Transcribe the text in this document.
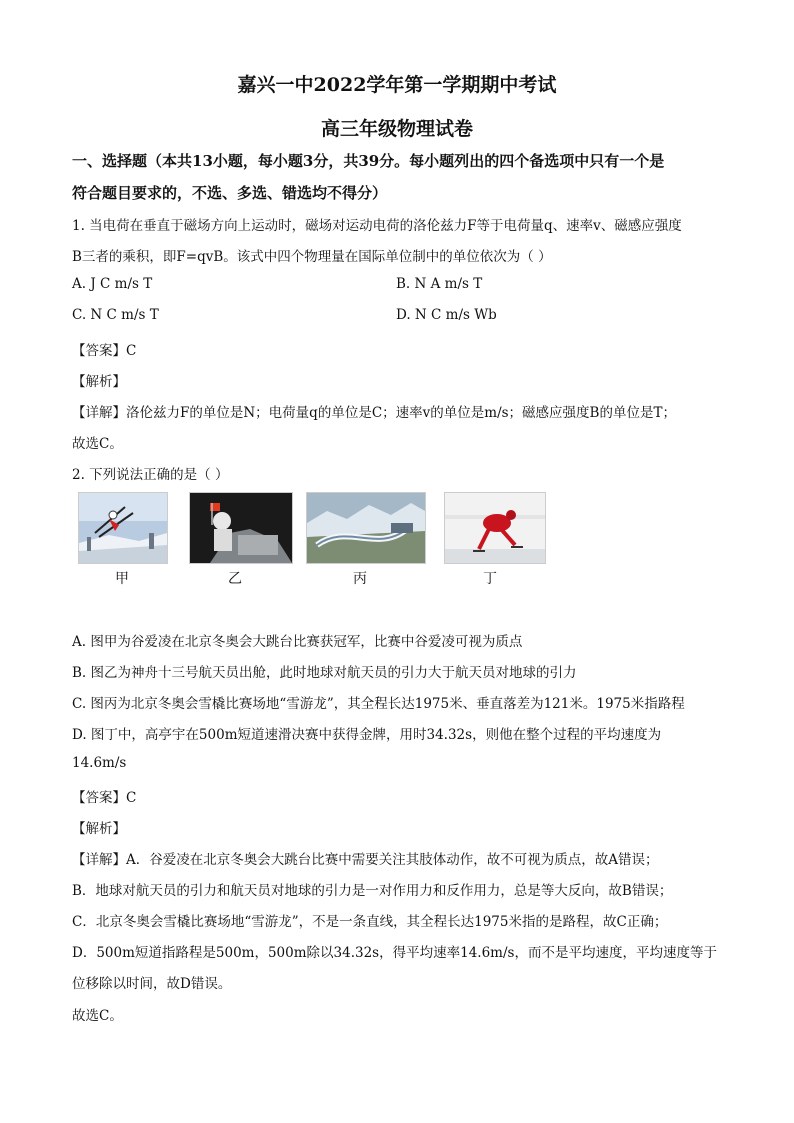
嘉兴一中2022学年第一学期期中考试
高三年级物理试卷
一、选择题（本共13小题，每小题3分，共39分。每小题列出的四个备选项中只有一个是
符合题目要求的，不选、多选、错选均不得分）
1. 当电荷在垂直于磁场方向上运动时，磁场对运动电荷的洛伦兹力F等于电荷量q、速率v、磁感应强度
B三者的乘积，即F=qvB。该式中四个物理量在国际单位制中的单位依次为（ ）
A. J C m/s T	B. N A m/s T
C. N C m/s T	D. N C m/s Wb
【答案】C
【解析】
【详解】洛伦兹力F的单位是N；电荷量q的单位是C；速率v的单位是m/s；磁感应强度B的单位是T；
故选C。
2. 下列说法正确的是（ ）
甲	乙	丙	丁
A. 图甲为谷爱凌在北京冬奥会大跳台比赛获冠军，比赛中谷爱凌可视为质点
B. 图乙为神舟十三号航天员出舱，此时地球对航天员的引力大于航天员对地球的引力
C. 图丙为北京冬奥会雪橇比赛场地“雪游龙”，其全程长达1975米、垂直落差为121米。1975米指路程
D. 图丁中，高亭宇在500m短道速滑决赛中获得金牌，用时34.32s，则他在整个过程的平均速度为
14.6m/s
【答案】C
【解析】
【详解】A．谷爱凌在北京冬奥会大跳台比赛中需要关注其肢体动作，故不可视为质点，故A错误；
B．地球对航天员的引力和航天员对地球的引力是一对作用力和反作用力，总是等大反向，故B错误；
C．北京冬奥会雪橇比赛场地“雪游龙”，不是一条直线，其全程长达1975米指的是路程，故C正确；
D．500m短道指路程是500m，500m除以34.32s，得平均速率14.6m/s，而不是平均速度，平均速度等于
位移除以时间，故D错误。
故选C。
